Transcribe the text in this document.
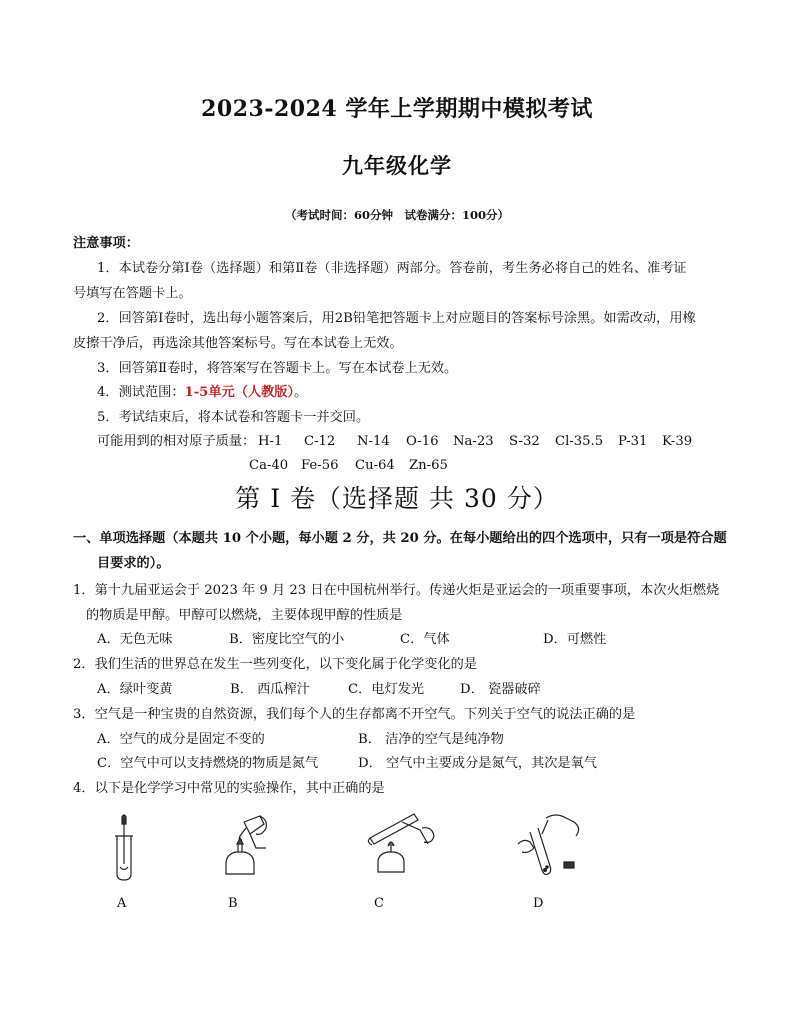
2023-2024 学年上学期期中模拟考试
九年级化学
（考试时间：60分钟　试卷满分：100分）
注意事项：
1．本试卷分第Ⅰ卷（选择题）和第Ⅱ卷（非选择题）两部分。答卷前，考生务必将自己的姓名、准考证
号填写在答题卡上。
2．回答第Ⅰ卷时，选出每小题答案后，用2B铅笔把答题卡上对应题目的答案标号涂黑。如需改动，用橡
皮擦干净后，再选涂其他答案标号。写在本试卷上无效。
3．回答第Ⅱ卷时，将答案写在答题卡上。写在本试卷上无效。
4．测试范围：1-5单元（人教版）。
5．考试结束后，将本试卷和答题卡一并交回。
可能用到的相对原子质量： H-1 C-12 N-14 O-16 Na-23 S-32 Cl-35.5 P-31 K-39
Ca-40 Fe-56 Cu-64 Zn-65
第 I 卷（选择题 共 30 分）
一、单项选择题（本题共 10 个小题，每小题 2 分，共 20 分。在每小题给出的四个选项中，只有一项是符合题
目要求的）。
1．第十九届亚运会于 2023 年 9 月 23 日在中国杭州举行。传递火炬是亚运会的一项重要事项，本次火炬燃烧
的物质是甲醇。甲醇可以燃烧，主要体现甲醇的性质是
A．无色无味	B．密度比空气的小	C．气体	D．可燃性
2．我们生活的世界总在发生一些列变化，以下变化属于化学变化的是
A．绿叶变黄	B． 西瓜榨汁	C．电灯发光	D． 瓷器破碎
3．空气是一种宝贵的自然资源，我们每个人的生存都离不开空气。下列关于空气的说法正确的是
A．空气的成分是固定不变的	B． 洁净的空气是纯净物
C．空气中可以支持燃烧的物质是氮气	D． 空气中主要成分是氮气，其次是氧气
4．以下是化学学习中常见的实验操作，其中正确的是
A	B	C	D
